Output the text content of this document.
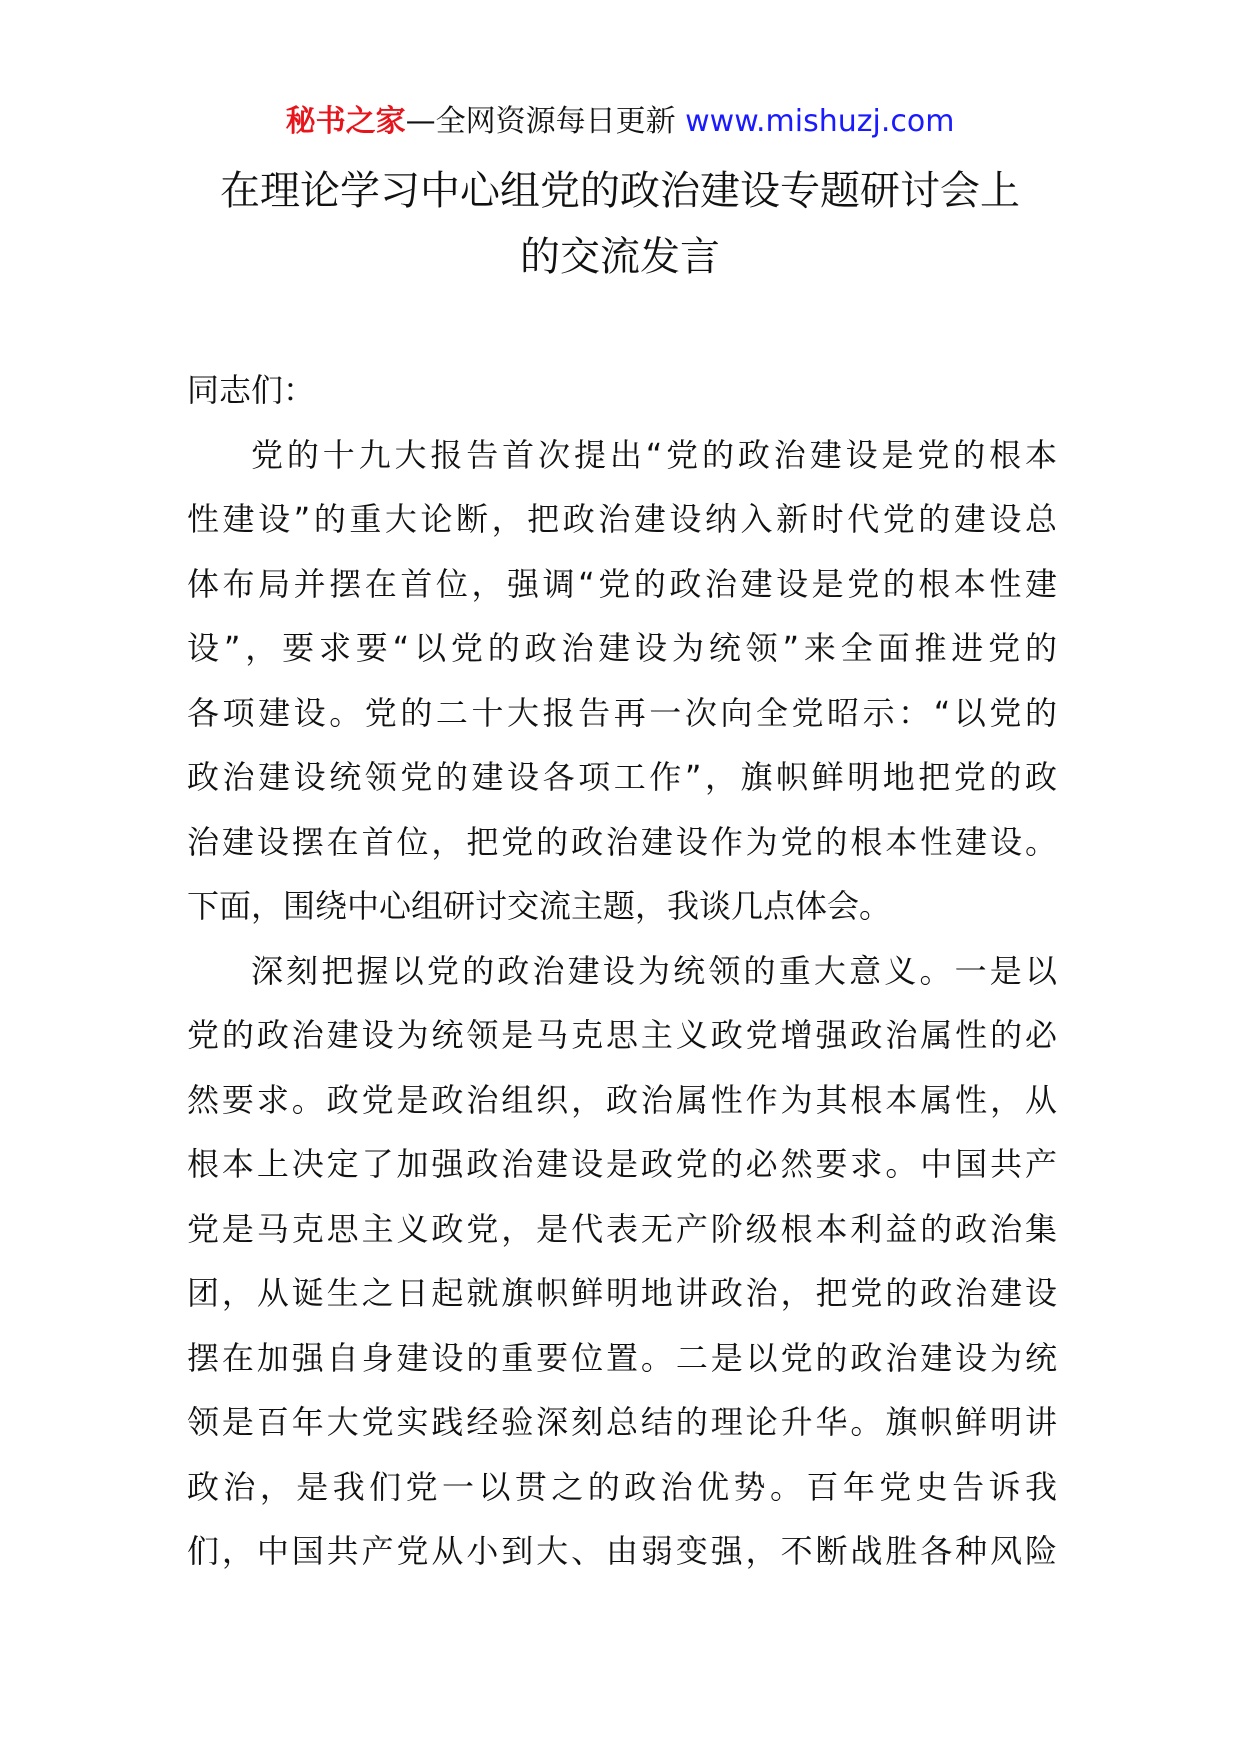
秘书之家—全网资源每日更新 www.mishuzj.com
在理论学习中心组党的政治建设专题研讨会上
的交流发言
同志们：
党的十九大报告首次提出“党的政治建设是党的根本
性建设”的重大论断，把政治建设纳入新时代党的建设总
体布局并摆在首位，强调“党的政治建设是党的根本性建
设”，要求要“以党的政治建设为统领”来全面推进党的
各项建设。党的二十大报告再一次向全党昭示：“以党的
政治建设统领党的建设各项工作”，旗帜鲜明地把党的政
治建设摆在首位，把党的政治建设作为党的根本性建设。
下面，围绕中心组研讨交流主题，我谈几点体会。
深刻把握以党的政治建设为统领的重大意义。一是以
党的政治建设为统领是马克思主义政党增强政治属性的必
然要求。政党是政治组织，政治属性作为其根本属性，从
根本上决定了加强政治建设是政党的必然要求。中国共产
党是马克思主义政党，是代表无产阶级根本利益的政治集
团，从诞生之日起就旗帜鲜明地讲政治，把党的政治建设
摆在加强自身建设的重要位置。二是以党的政治建设为统
领是百年大党实践经验深刻总结的理论升华。旗帜鲜明讲
政治，是我们党一以贯之的政治优势。百年党史告诉我
们，中国共产党从小到大、由弱变强，不断战胜各种风险
